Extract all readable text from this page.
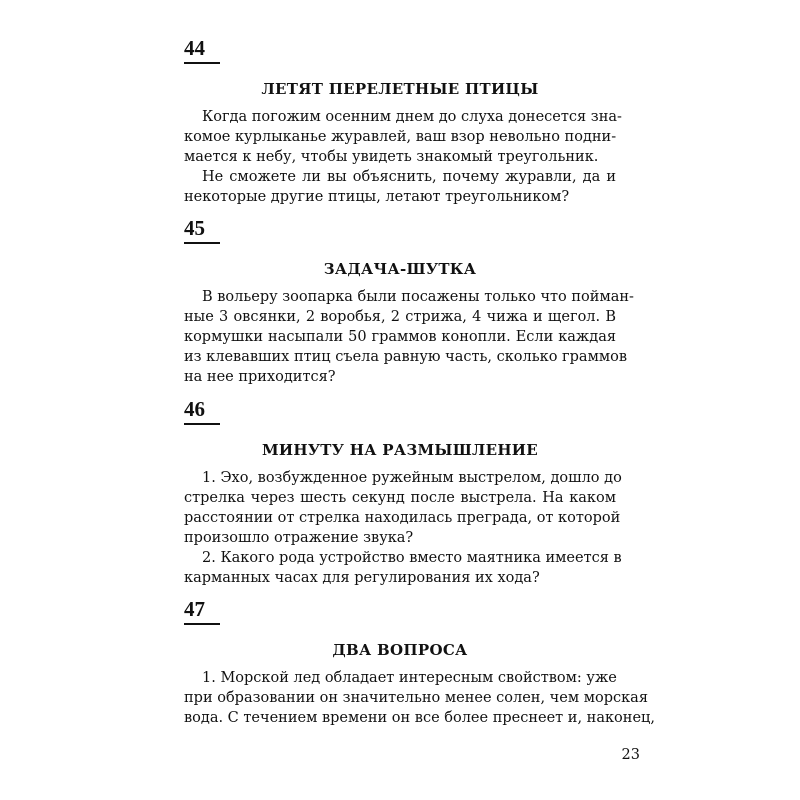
44
ЛЕТЯТ ПЕРЕЛЕТНЫЕ ПТИЦЫ
Когда погожим осенним днем до слуха донесется зна-
комое курлыканье журавлей, ваш взор невольно подни-
мается к небу, чтобы увидеть знакомый треугольник.
Не сможете ли вы объяснить, почему журавли, да и
некоторые другие птицы, летают треугольником?
45
ЗАДАЧА-ШУТКА
В вольеру зоопарка были посажены только что пойман-
ные 3 овсянки, 2 воробья, 2 стрижа, 4 чижа и щегол. В
кормушки насыпали 50 граммов конопли. Если каждая
из клевавших птиц съела равную часть, сколько граммов
на нее приходится?
46
МИНУТУ НА РАЗМЫШЛЕНИЕ
1. Эхо, возбужденное ружейным выстрелом, дошло до
стрелка через шесть секунд после выстрела. На каком
расстоянии от стрелка находилась преграда, от которой
произошло отражение звука?
2. Какого рода устройство вместо маятника имеется в
карманных часах для регулирования их хода?
47
ДВА ВОПРОСА
1. Морской лед обладает интересным свойством: уже
при образовании он значительно менее солен, чем морская
вода. С течением времени он все более преснеет и, наконец,
23
